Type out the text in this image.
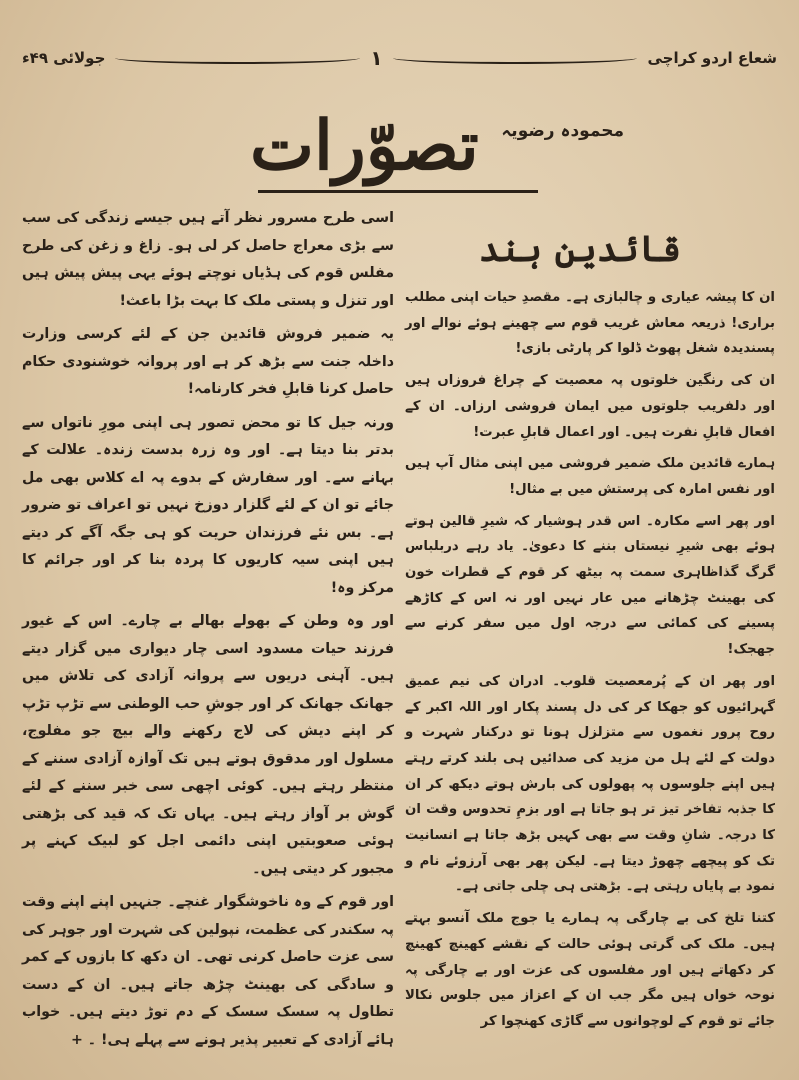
شعاع اردو کراچی
۱
جولائی ۴۹ء
محمودہ رضویہ
تصوّرات
قائدین ہند

ان کا پیشہ عیاری و چالبازی ہے۔ مقصدِ حیات اپنی مطلب براری! ذریعہ معاش غریب قوم سے چھینے ہوئے نوالے اور پسندیدہ شغل پھوٹ ڈلوا کر پارٹی بازی!

ان کی رنگین خلوتوں پہ معصیت کے چراغ فروزاں ہیں اور دلفریب جلوتوں میں ایمان فروشی ارزاں۔ ان کے افعال قابلِ نفرت ہیں۔ اور اعمال قابلِ عبرت!

ہمارے قائدین ملک ضمیر فروشی میں اپنی مثال آپ ہیں اور نفس امارہ کی پرستش میں بے مثال!

اور پھر اسے مکارہ۔ اس قدر ہوشیار کہ شیرِ قالین ہوتے ہوئے بھی شیرِ نیستاں بننے کا دعویٰ۔ یاد رہے دربلباس گرگ گذاظاہری سمت پہ بیٹھ کر قوم کے قطرات خون کی بھینٹ چڑھانے میں عار نہیں اور نہ اس کے کاڑھے پسینے کی کمائی سے درجہ اول میں سفر کرنے سے جھجک!

اور پھر ان کے پُرمعصیت قلوب۔ ادران کی نیم عمیق گہرائیوں کو جھکا کر کی دل پسند پکار اور اللہ اکبر کے روح پرور نغموں سے متزلزل ہونا تو درکنار شہرت و دولت کے لئے ہل من مزید کی صدائیں ہی بلند کرتے رہتے ہیں اپنے جلوسوں پہ پھولوں کی بارش ہوتے دیکھ کر ان کا جذبہ تفاخر تیز تر ہو جاتا ہے اور بزمِ تحدوس وقت ان کا درجہ۔ شانِ وقت سے بھی کہیں بڑھ جاتا ہے انسانیت تک کو پیچھے چھوڑ دیتا ہے۔ لیکن پھر بھی آرزوئے نام و نمود بے پایاں رہتی ہے۔ بڑھتی ہی چلی جاتی ہے۔

کتنا تلخ کی بے چارگی پہ ہمارے یا جوج ملک آنسو بہتے ہیں۔ ملک کی گرتی ہوئی حالت کے نقشے کھینچ کھینچ کر دکھاتے ہیں اور مفلسوں کی عزت اور بے چارگی پہ نوحہ خواں ہیں مگر جب ان کے اعزاز میں جلوس نکالا جائے تو قوم کے لوچوانوں سے گاڑی کھنچوا کر

اسی طرح مسرور نظر آتے ہیں جیسے زندگی کی سب سے بڑی معراج حاصل کر لی ہو۔ زاغ و زغن کی طرح مفلس قوم کی ہڈیاں نوچتے ہوئے یہی پیش پیش ہیں اور تنزل و پستی ملک کا بہت بڑا باعث!

یہ ضمیر فروش قائدین جن کے لئے کرسی وزارت داخلہ جنت سے بڑھ کر ہے اور پروانہ خوشنودی حکام حاصل کرنا قابلِ فخر کارنامہ!

ورنہ جیل کا تو محض تصور ہی اپنی مورِ ناتواں سے بدتر بنا دیتا ہے۔ اور وہ زرہ بدست زندہ۔ علالت کے بہانے سے۔ اور سفارش کے بدوے پہ اے کلاس بھی مل جائے تو ان کے لئے گلزار دوزخ نہیں تو اعراف تو ضرور ہے۔ بس نئے فرزندان حریت کو ہی جگہ آگے کر دیتے ہیں اپنی سیہ کاریوں کا پردہ بنا کر اور جرائم کا مرکز وہ!

اور وہ وطن کے بھولے بھالے بے چارے۔ اس کے غیور فرزند حیات مسدود اسی چار دیواری میں گزار دیتے ہیں۔ آہنی دریوں سے پروانہ آزادی کی تلاش میں جھانک جھانک کر اور جوشِ حب الوطنی سے تڑپ تڑپ کر اپنے دیش کی لاج رکھنے والے بیچ جو مفلوج، مسلول اور مدقوق ہوتے ہیں تک آوازہ آزادی سننے کے منتظر رہتے ہیں۔ کوئی اچھی سی خبر سننے کے لئے گوش بر آواز رہتے ہیں۔ یہاں تک کہ قید کی بڑھتی ہوئی صعوبتیں اپنی دائمی اجل کو لبیک کہنے پر مجبور کر دیتی ہیں۔

اور قوم کے وہ ناخوشگوار غنچے۔ جنہیں اپنے اپنے وقت پہ سکندر کی عظمت، نپولین کی شہرت اور جوہر کی سی عزت حاصل کرنی تھی۔ ان دکھ کا بازوں کے کمر و سادگی کی بھینٹ چڑھ جاتے ہیں۔ ان کے دست تطاول پہ سسک سسک کے دم توڑ دیتے ہیں۔ خواب ہائے آزادی کے تعبیر پذیر ہونے سے پہلے ہی! ۔ +
